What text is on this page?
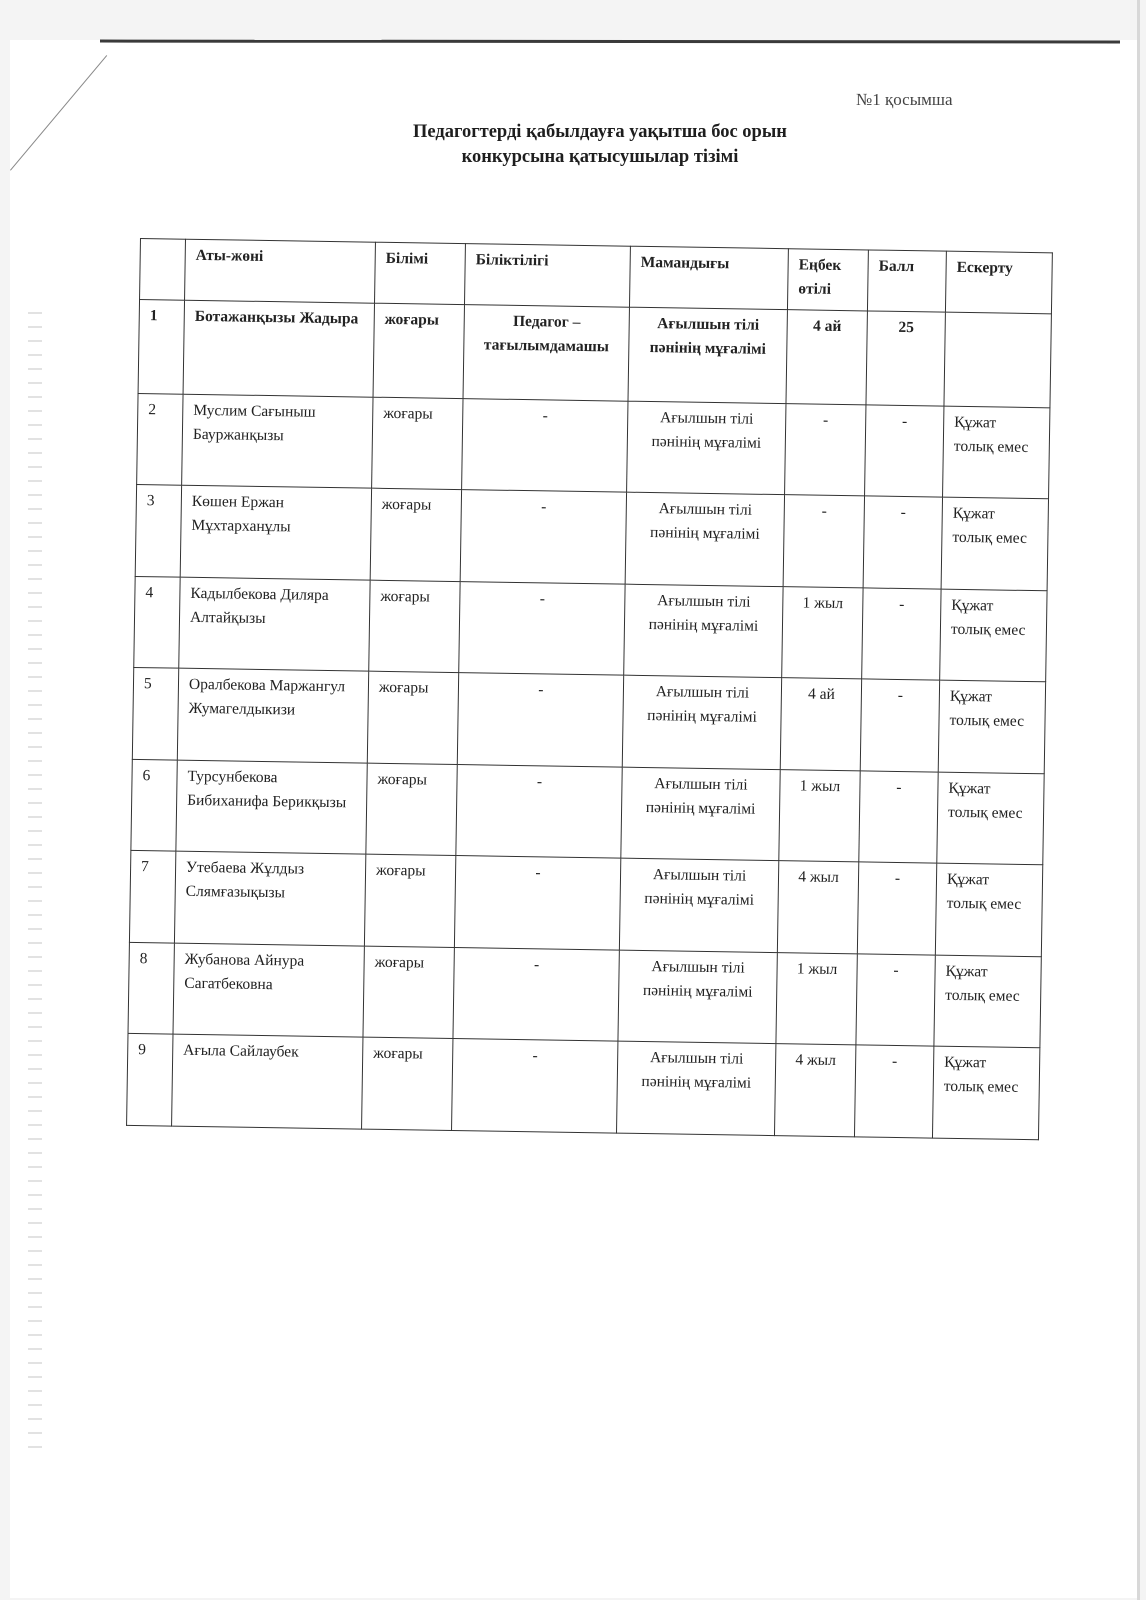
№1 қосымша
Педагогтерді қабылдауға уақытша бос орын
конкурсына қатысушылар тізімі
	Аты-жөні	Білімі	Біліктілігі	Мамандығы	Еңбек өтілі	Балл	Ескерту
1	Ботажанқызы Жадыра	жоғары	Педагог – тағылымдамашы	Ағылшын тілі пәнінің мұғалімі	4 ай	25	
2	Муслим Сағыныш Бауржанқызы	жоғары	-	Ағылшын тілі пәнінің мұғалімі	-	-	Құжат толық емес
3	Көшен Ержан Мұхтарханұлы	жоғары	-	Ағылшын тілі пәнінің мұғалімі	-	-	Құжат толық емес
4	Кадылбекова Диляра Алтайқызы	жоғары	-	Ағылшын тілі пәнінің мұғалімі	1 жыл	-	Құжат толық емес
5	Оралбекова Маржангул Жумагелдыкизи	жоғары	-	Ағылшын тілі пәнінің мұғалімі	4 ай	-	Құжат толық емес
6	Турсунбекова Бибиханифа Берикқызы	жоғары	-	Ағылшын тілі пәнінің мұғалімі	1 жыл	-	Құжат толық емес
7	Утебаева Жұлдыз Слямғазықызы	жоғары	-	Ағылшын тілі пәнінің мұғалімі	4 жыл	-	Құжат толық емес
8	Жубанова Айнура Сагатбековна	жоғары	-	Ағылшын тілі пәнінің мұғалімі	1 жыл	-	Құжат толық емес
9	Ағыла Сайлаубек	жоғары	-	Ағылшын тілі пәнінің мұғалімі	4 жыл	-	Құжат толық емес
